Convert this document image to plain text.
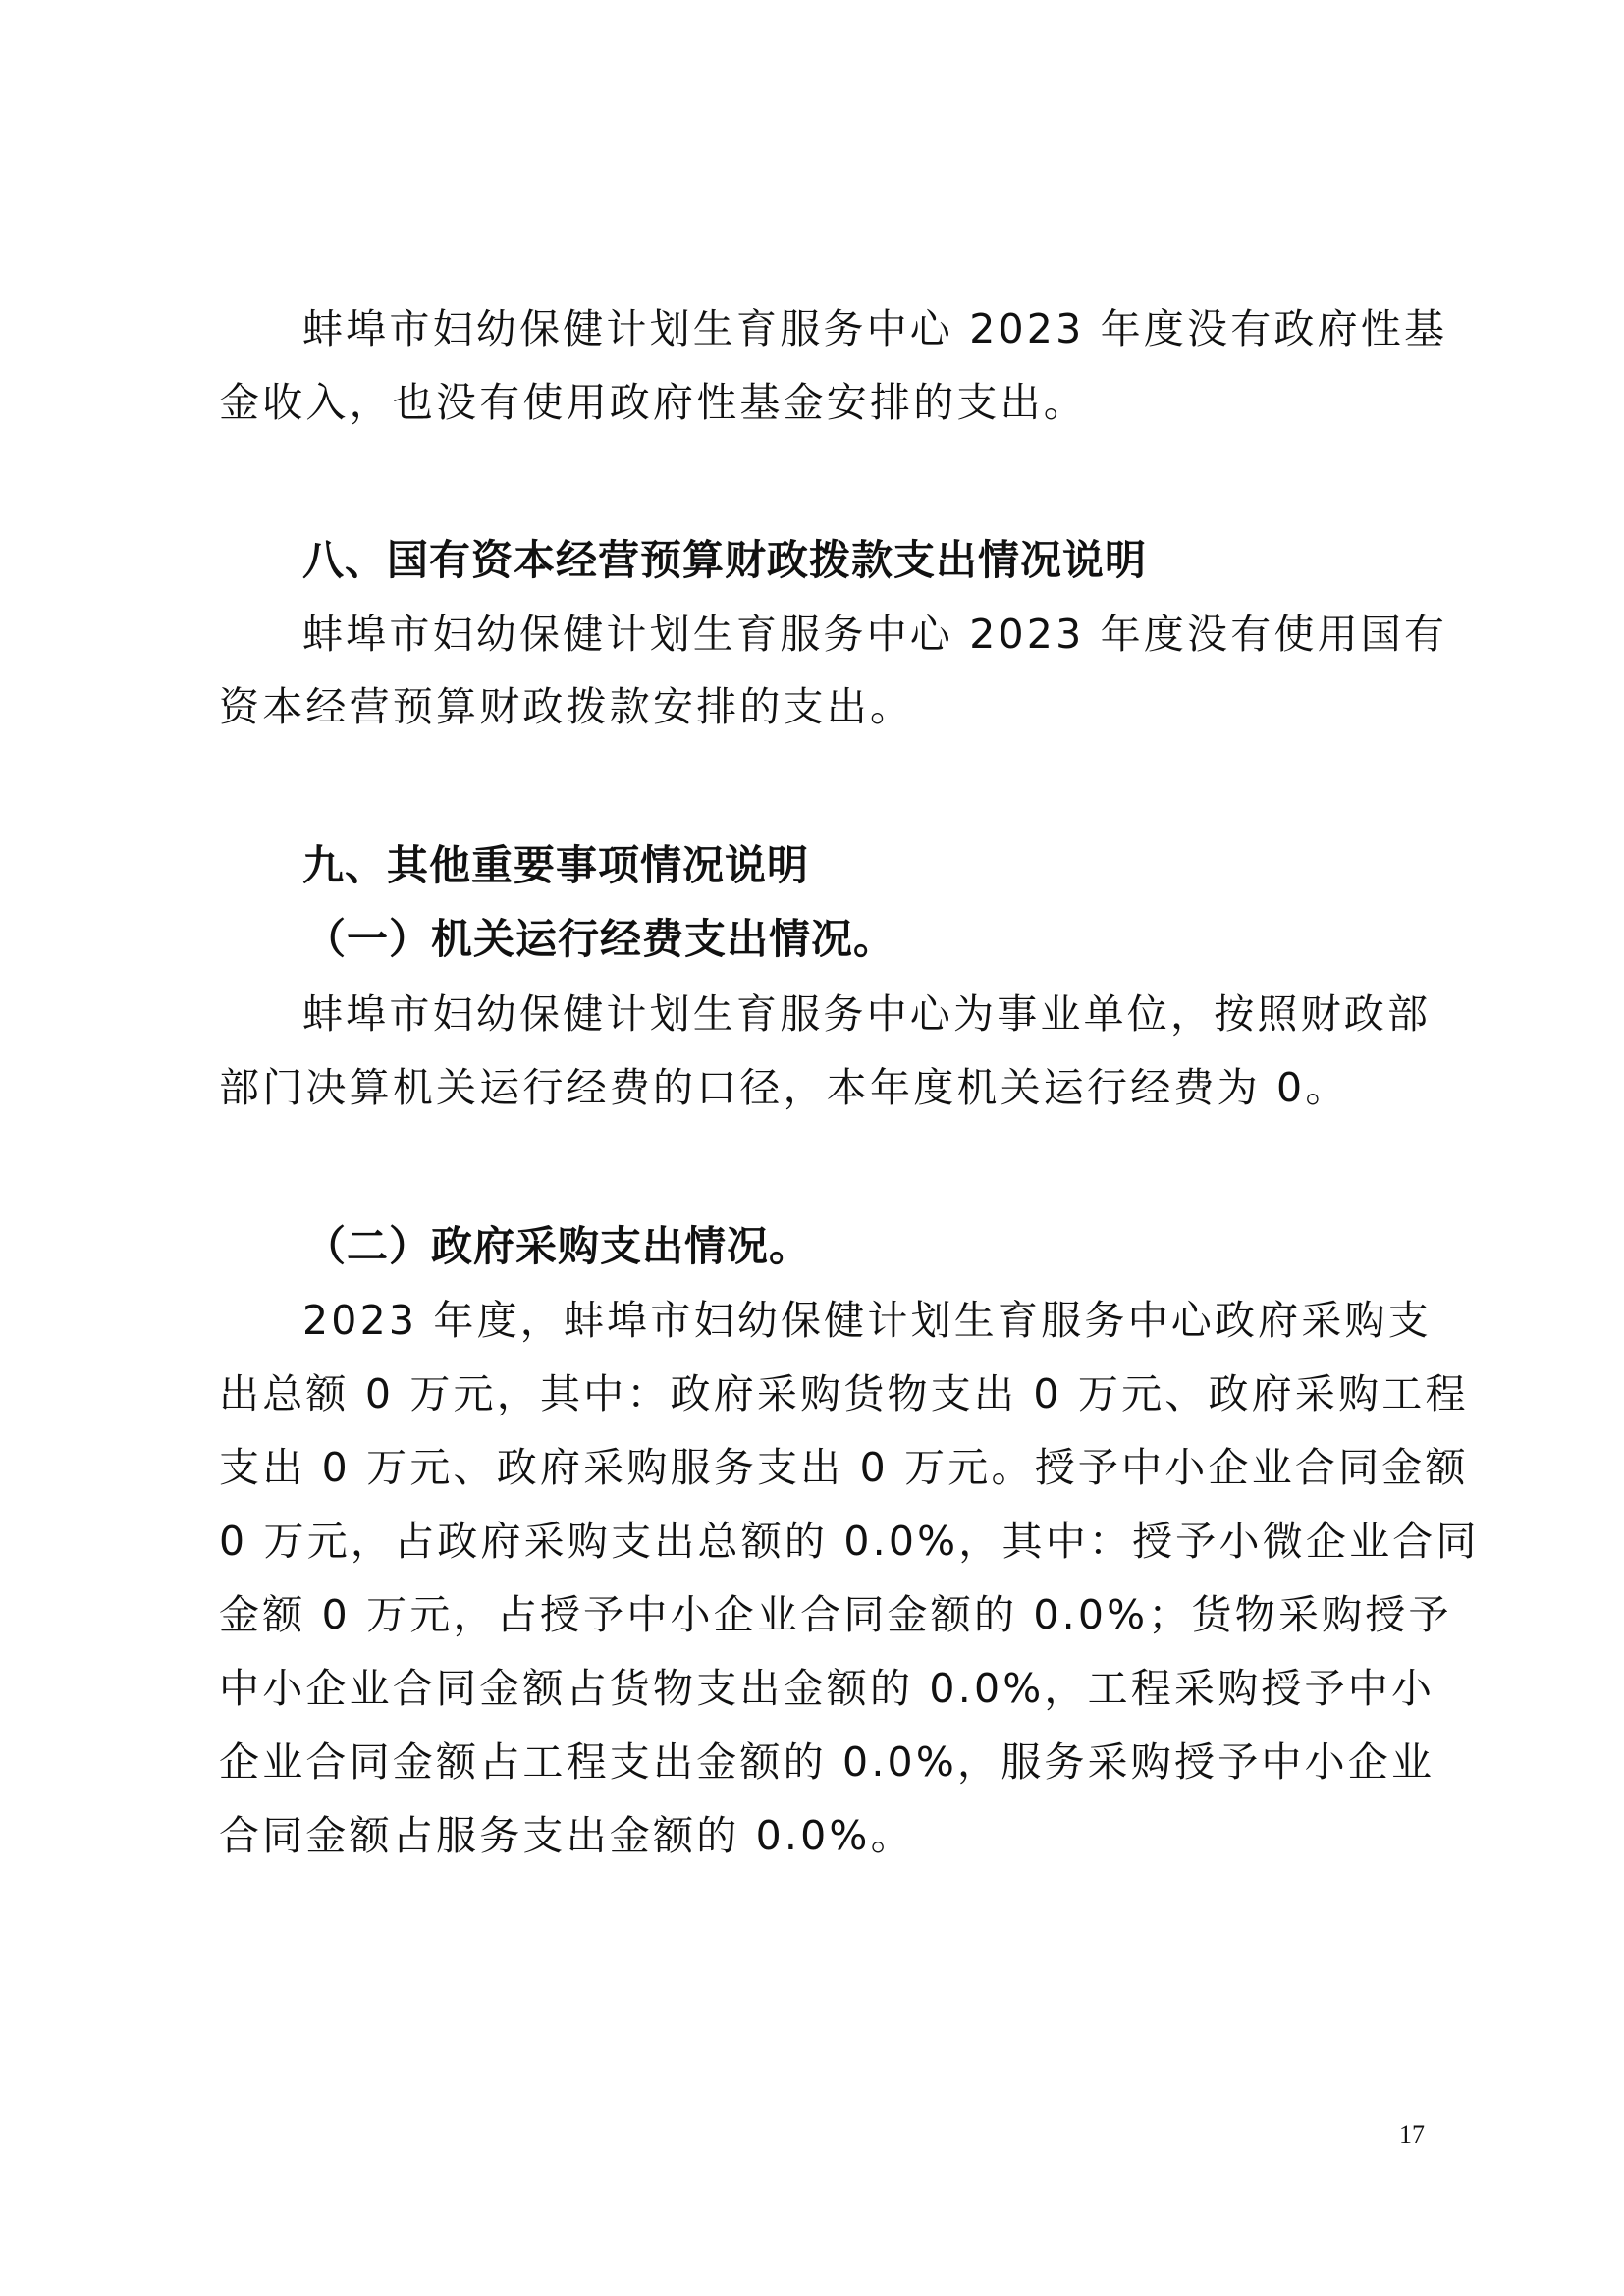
蚌埠市妇幼保健计划生育服务中心 2023 年度没有政府性基
金收入，也没有使用政府性基金安排的支出。
八、国有资本经营预算财政拨款支出情况说明
蚌埠市妇幼保健计划生育服务中心 2023 年度没有使用国有
资本经营预算财政拨款安排的支出。
九、其他重要事项情况说明
（一）机关运行经费支出情况。
蚌埠市妇幼保健计划生育服务中心为事业单位，按照财政部
部门决算机关运行经费的口径，本年度机关运行经费为 0。
（二）政府采购支出情况。
2023 年度，蚌埠市妇幼保健计划生育服务中心政府采购支
出总额 0 万元，其中：政府采购货物支出 0 万元、政府采购工程
支出 0 万元、政府采购服务支出 0 万元。授予中小企业合同金额
0 万元，占政府采购支出总额的 0.0%，其中：授予小微企业合同
金额 0 万元，占授予中小企业合同金额的 0.0%；货物采购授予
中小企业合同金额占货物支出金额的 0.0%，工程采购授予中小
企业合同金额占工程支出金额的 0.0%，服务采购授予中小企业
合同金额占服务支出金额的 0.0%。
17
